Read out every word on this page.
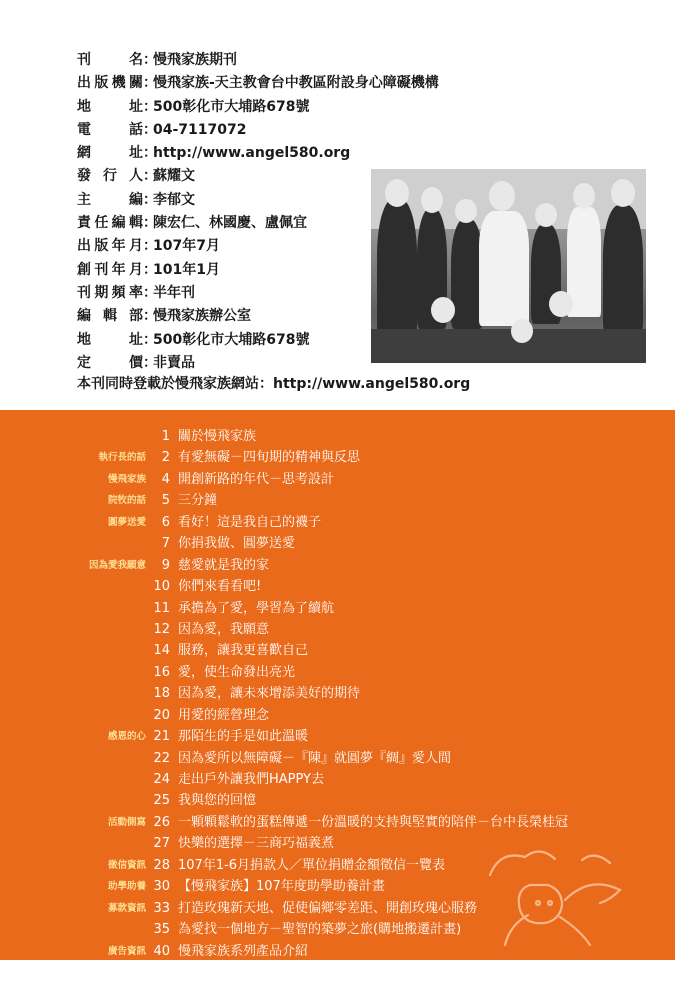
刊　名：慢飛家族期刊
出版機關：慢飛家族-天主教會台中教區附設身心障礙機構
地　址：500彰化市大埔路678號
電　話：04-7117072
網　址：http://www.angel580.org
發行人：蘇耀文
主　編：李郁文
責任編輯：陳宏仁、林國慶、盧佩宜
出版年月：107年7月
創刊年月：101年1月
刊期頻率：半年刊
編輯部：慢飛家族辦公室
地　址：500彰化市大埔路678號
定　價：非賣品
本刊同時登載於慢飛家族網站：http://www.angel580.org
1 關於慢飛家族
執行長的話	2 有愛無礙－四旬期的精神與反思
慢飛家族	4 開創新路的年代－思考設計
院牧的話	5 三分鐘
圓夢送愛	6 看好！這是我自己的襪子
7 你捐我做、圓夢送愛
因為愛我願意	9 慈愛就是我的家
10 你們來看看吧!
11 承擔為了愛，學習為了續航
12 因為愛，我願意
14 服務，讓我更喜歡自己
16 愛，使生命發出亮光
18 因為愛，讓未來增添美好的期待
20 用愛的經營理念
感恩的心 21 那陌生的手是如此溫暖
22 因為愛所以無障礙－『陳』就圓夢『綢』愛人間
24 走出戶外讓我們HAPPY去
25 我與您的回憶
活動側寫 26 一顆顆鬆軟的蛋糕傳遞一份溫暖的支持與堅實的陪伴－台中長榮桂冠
27 快樂的選擇－三商巧福義煮
徵信資訊 28 107年1-6月捐款人／單位捐贈金額徵信一覽表
助學助養 30 【慢飛家族】107年度助學助養計畫
募款資訊 33 打造玫瑰新天地、促使偏鄉零差距、開創玫瑰心服務
35 為愛找一個地方－聖智的築夢之旅(購地搬遷計畫)
廣告資訊 40 慢飛家族系列產品介紹
45 慢飛家族服務機構分布圖
